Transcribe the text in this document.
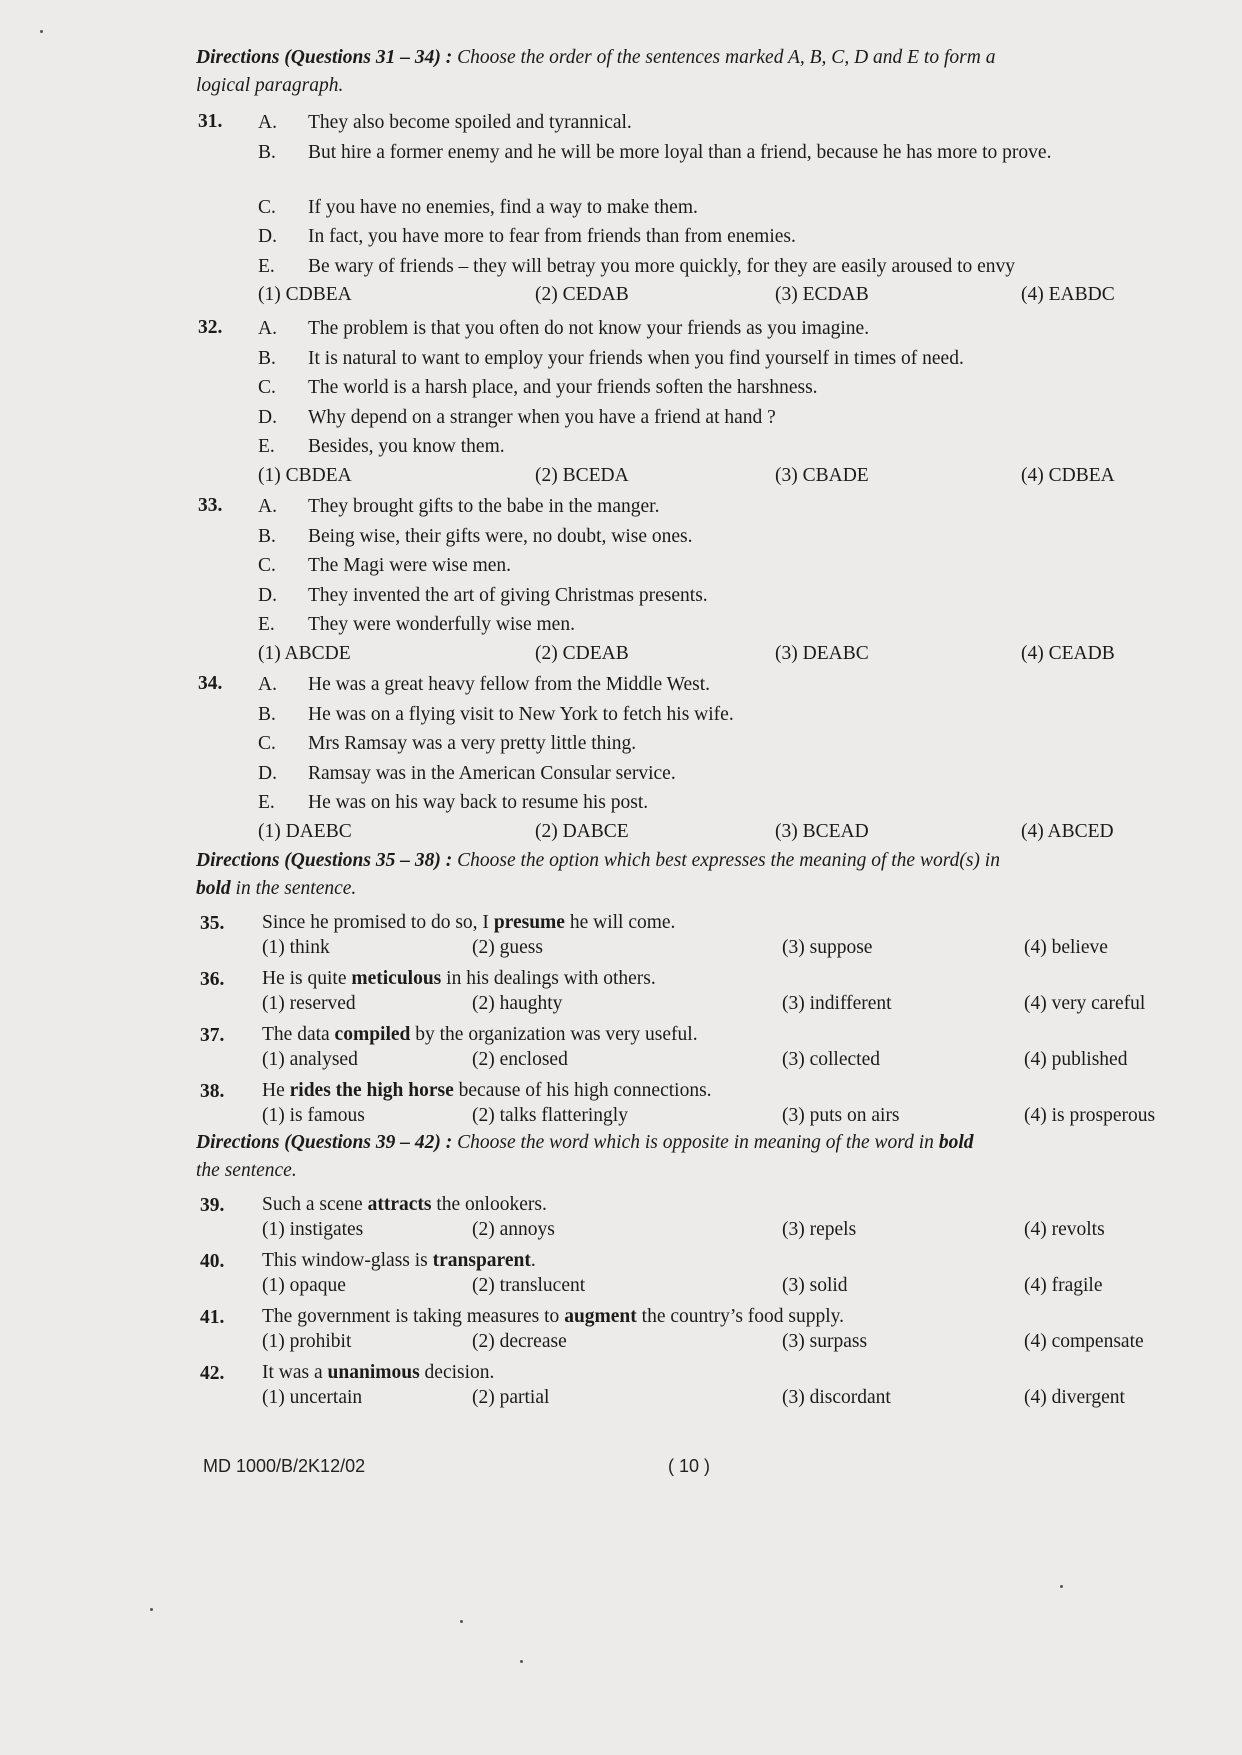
Directions (Questions 31 – 34) : Choose the order of the sentences marked A, B, C, D and E to form a
logical paragraph.
31. A. They also become spoiled and tyrannical.
B. But hire a former enemy and he will be more loyal than a friend, because he has more to prove.
C. If you have no enemies, find a way to make them.
D. In fact, you have more to fear from friends than from enemies.
E. Be wary of friends – they will betray you more quickly, for they are easily aroused to envy
(1) CDBEA	(2) CEDAB	(3) ECDAB	(4) EABDC
32. A. The problem is that you often do not know your friends as you imagine.
B. It is natural to want to employ your friends when you find yourself in times of need.
C. The world is a harsh place, and your friends soften the harshness.
D. Why depend on a stranger when you have a friend at hand ?
E. Besides, you know them.
(1) CBDEA	(2) BCEDA	(3) CBADE	(4) CDBEA
33. A. They brought gifts to the babe in the manger.
B. Being wise, their gifts were, no doubt, wise ones.
C. The Magi were wise men.
D. They invented the art of giving Christmas presents.
E. They were wonderfully wise men.
(1) ABCDE	(2) CDEAB	(3) DEABC	(4) CEADB
34. A. He was a great heavy fellow from the Middle West.
B. He was on a flying visit to New York to fetch his wife.
C. Mrs Ramsay was a very pretty little thing.
D. Ramsay was in the American Consular service.
E. He was on his way back to resume his post.
(1) DAEBC	(2) DABCE	(3) BCEAD	(4) ABCED
Directions (Questions 35 – 38) : Choose the option which best expresses the meaning of the word(s) in
bold in the sentence.
35. Since he promised to do so, I presume he will come.
(1) think	(2) guess	(3) suppose	(4) believe
36. He is quite meticulous in his dealings with others.
(1) reserved	(2) haughty	(3) indifferent	(4) very careful
37. The data compiled by the organization was very useful.
(1) analysed	(2) enclosed	(3) collected	(4) published
38. He rides the high horse because of his high connections.
(1) is famous	(2) talks flatteringly	(3) puts on airs	(4) is prosperous
Directions (Questions 39 – 42) : Choose the word which is opposite in meaning of the word in bold
the sentence.
39. Such a scene attracts the onlookers.
(1) instigates	(2) annoys	(3) repels	(4) revolts
40. This window-glass is transparent.
(1) opaque	(2) translucent	(3) solid	(4) fragile
41. The government is taking measures to augment the country’s food supply.
(1) prohibit	(2) decrease	(3) surpass	(4) compensate
42. It was a unanimous decision.
(1) uncertain	(2) partial	(3) discordant	(4) divergent
MD 1000/B/2K12/02	( 10 )
